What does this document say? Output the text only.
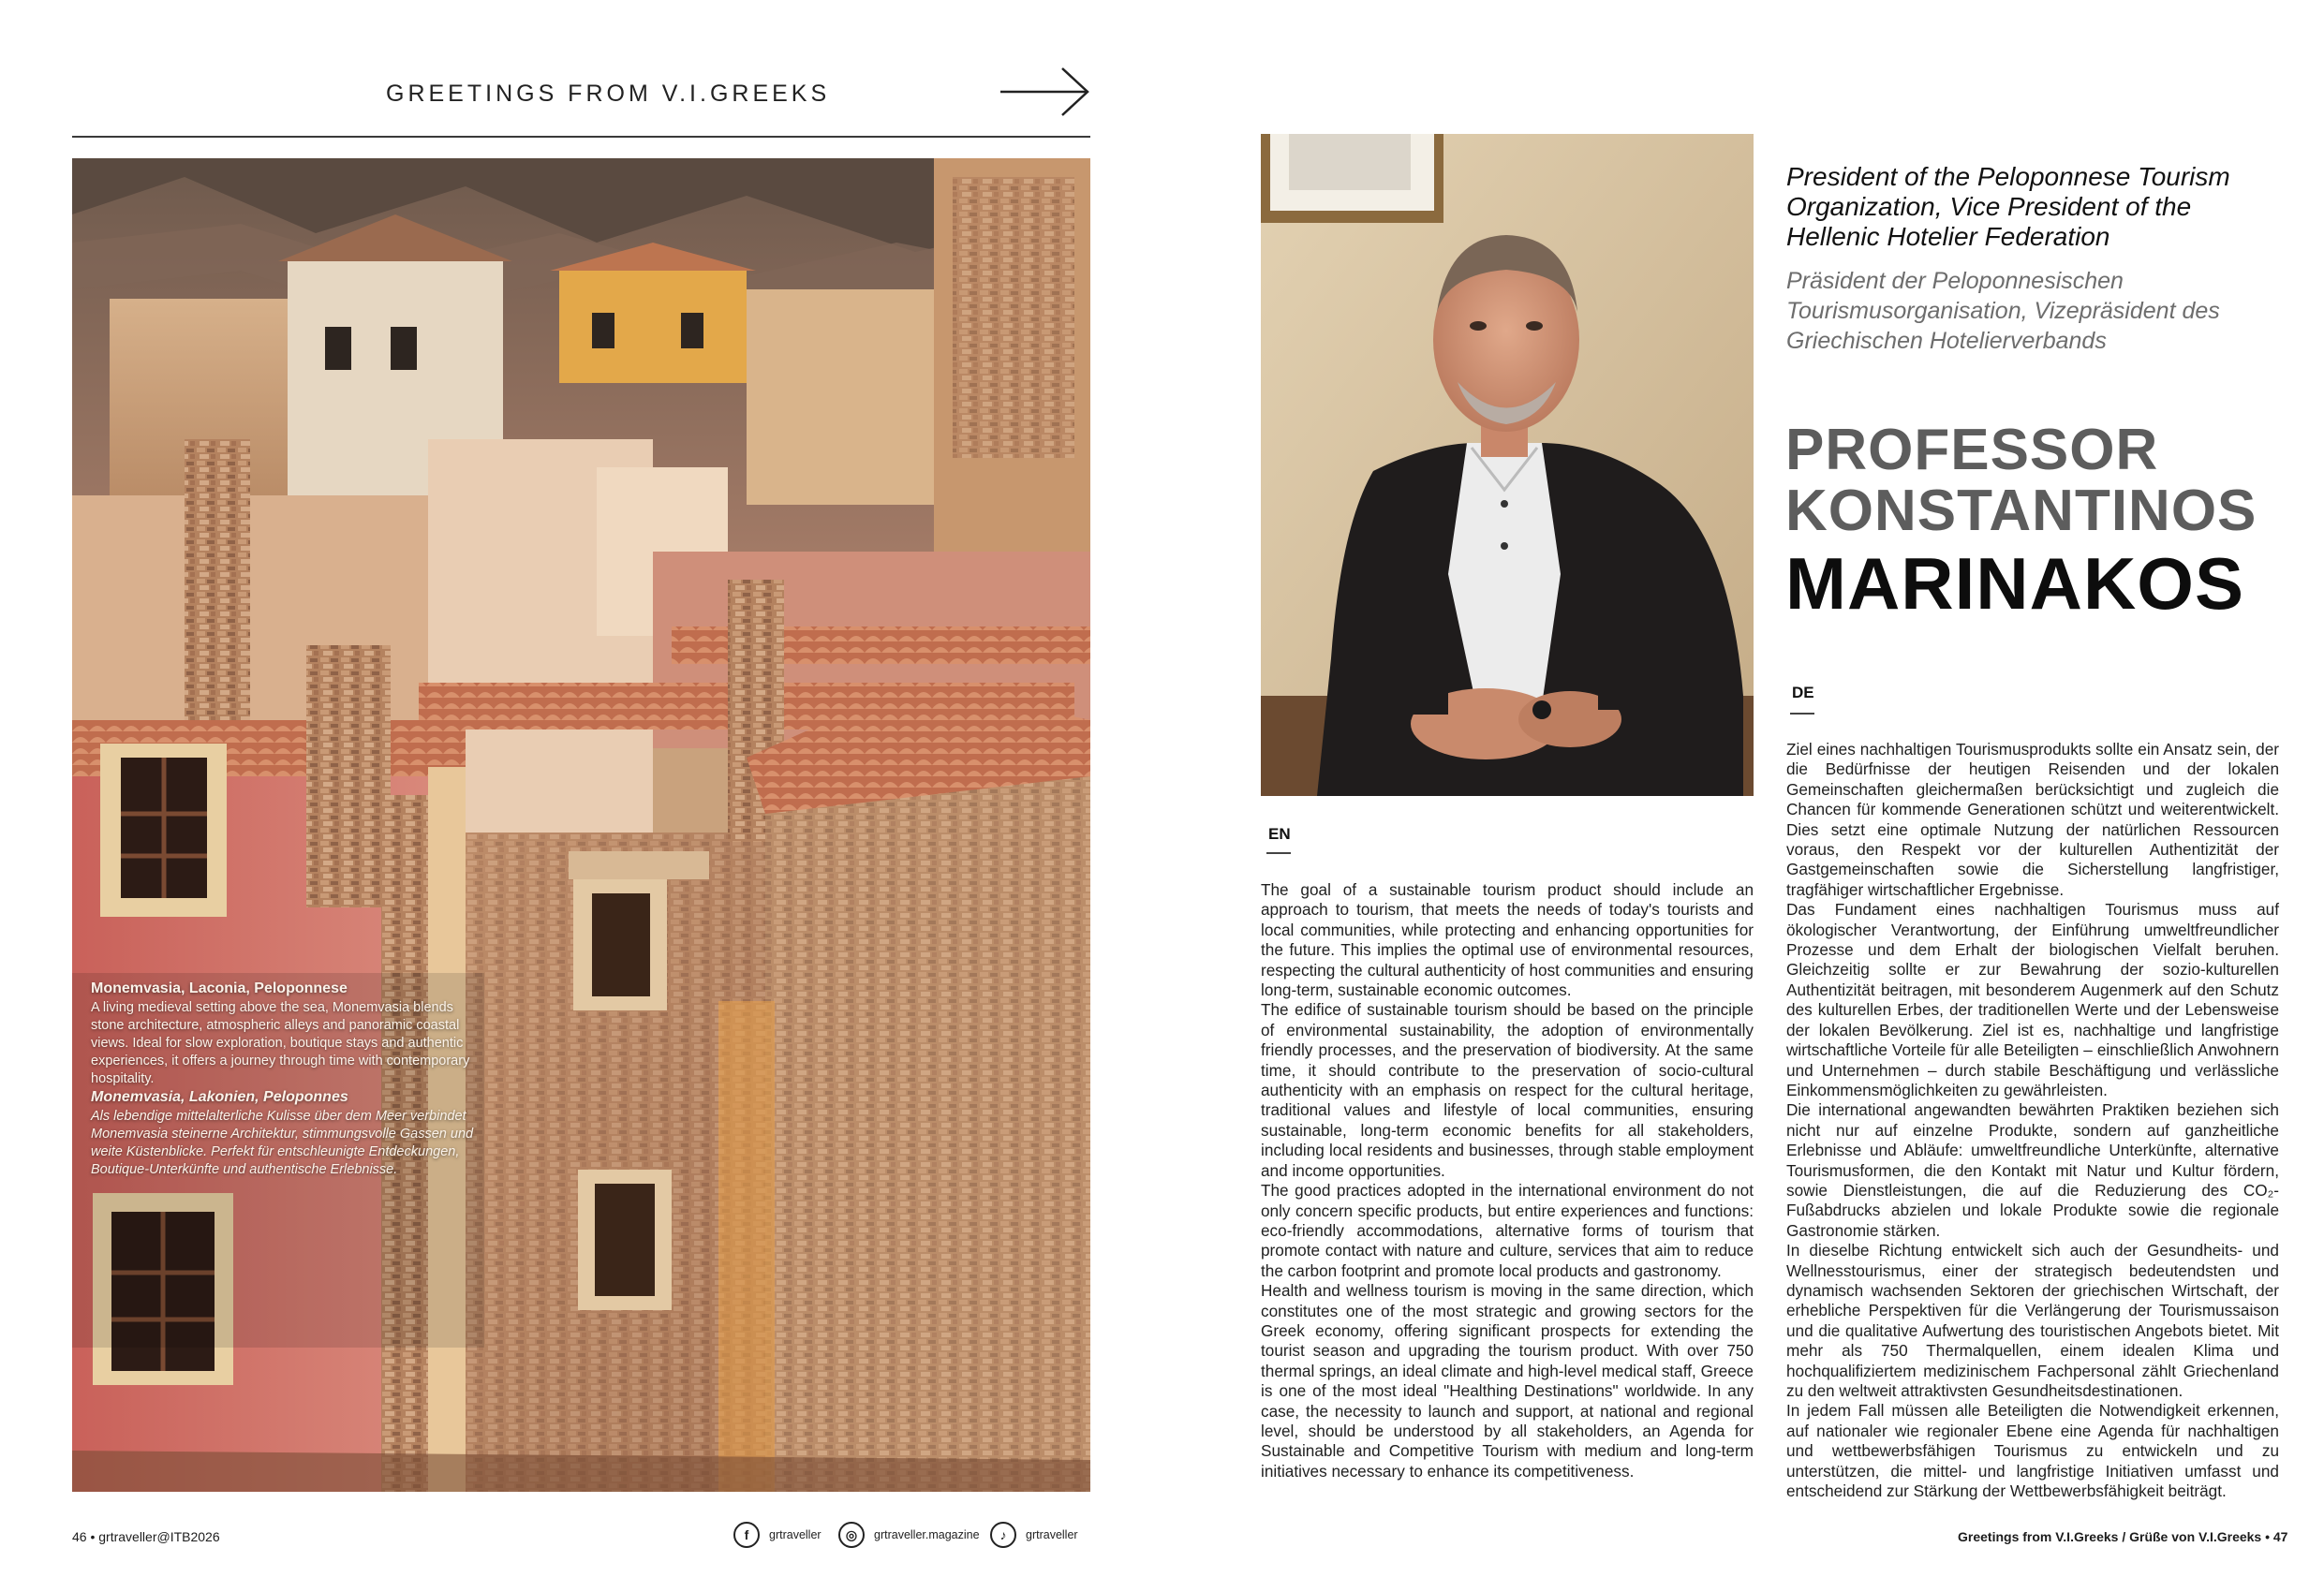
GREETINGS FROM V.I.GREEKS
Monemvasia, Laconia, Peloponnese
A living medieval setting above the sea, Monemvasia blends stone architecture, atmospheric alleys and panoramic coastal views. Ideal for slow exploration, boutique stays and authentic experiences, it offers a journey through time with contemporary hospitality.
Monemvasia, Lakonien, Peloponnes
Als lebendige mittelalterliche Kulisse über dem Meer verbindet Monemvasia steinerne Architektur, stimmungsvolle Gassen und weite Küstenblicke. Perfekt für entschleunigte Entdeckungen, Boutique-Unterkünfte und authentische Erlebnisse.
46 • grtraveller@ITB2026	f	grtraveller	◎	grtraveller.magazine	♪	grtraveller
President of the Peloponnese Tourism Organization, Vice President of the Hellenic Hotelier Federation
Präsident der Peloponnesischen Tourismusorganisation, Vizepräsident des Griechischen Hotelierverbands
PROFESSOR
KONSTANTINOS
MARINAKOS
EN
DE

The goal of a sustainable tourism product should include an approach to tourism, that meets the needs of today's tourists and local communities, while protecting and enhancing opportunities for the future. This implies the optimal use of environmental resources, respecting the cultural authenticity of host communities and ensuring long-term, sustainable economic outcomes.

The edifice of sustainable tourism should be based on the principle of environmental sustainability, the adoption of environmentally friendly processes, and the preservation of biodiversity. At the same time, it should contribute to the preservation of socio-cultural authenticity with an emphasis on respect for the cultural heritage, traditional values and lifestyle of local communities, ensuring sustainable, long-term economic benefits for all stakeholders, including local residents and businesses, through stable employment and income opportunities.

The good practices adopted in the international environment do not only concern specific products, but entire experiences and functions: eco-friendly accommodations, alternative forms of tourism that promote contact with nature and culture, services that aim to reduce the carbon footprint and promote local products and gastronomy.

Health and wellness tourism is moving in the same direction, which constitutes one of the most strategic and growing sectors for the Greek economy, offering significant prospects for extending the tourist season and upgrading the tourism product. With over 750 thermal springs, an ideal climate and high-level medical staff, Greece is one of the most ideal "Healthing Destinations" worldwide. In any case, the necessity to launch and support, at national and regional level, should be understood by all stakeholders, an Agenda for Sustainable and Competitive Tourism with medium and long-term initiatives necessary to enhance its competitiveness.

Ziel eines nachhaltigen Tourismusprodukts sollte ein Ansatz sein, der die Bedürfnisse der heutigen Reisenden und der lokalen Gemeinschaften gleichermaßen berücksichtigt und zugleich die Chancen für kommende Generationen schützt und weiterentwickelt. Dies setzt eine optimale Nutzung der natürlichen Ressourcen voraus, den Respekt vor der kulturellen Authentizität der Gastgemeinschaften sowie die Sicherstellung langfristiger, tragfähiger wirtschaftlicher Ergebnisse.

Das Fundament eines nachhaltigen Tourismus muss auf ökologischer Verantwortung, der Einführung umweltfreundlicher Prozesse und dem Erhalt der biologischen Vielfalt beruhen. Gleichzeitig sollte er zur Bewahrung der sozio-kulturellen Authentizität beitragen, mit besonderem Augenmerk auf den Schutz des kulturellen Erbes, der traditionellen Werte und der Lebensweise der lokalen Bevölkerung. Ziel ist es, nachhaltige und langfristige wirtschaftliche Vorteile für alle Beteiligten – einschließlich Anwohnern und Unternehmen – durch stabile Beschäftigung und verlässliche Einkommensmöglichkeiten zu gewährleisten.

Die international angewandten bewährten Praktiken beziehen sich nicht nur auf einzelne Produkte, sondern auf ganzheitliche Erlebnisse und Abläufe: umweltfreundliche Unterkünfte, alternative Tourismusformen, die den Kontakt mit Natur und Kultur fördern, sowie Dienstleistungen, die auf die Reduzierung des CO₂-Fußabdrucks abzielen und lokale Produkte sowie die regionale Gastronomie stärken.

In dieselbe Richtung entwickelt sich auch der Gesundheits- und Wellnesstourismus, einer der strategisch bedeutendsten und dynamisch wachsenden Sektoren der griechischen Wirtschaft, der erhebliche Perspektiven für die Verlängerung der Tourismussaison und die qualitative Aufwertung des touristischen Angebots bietet. Mit mehr als 750 Thermalquellen, einem idealen Klima und hochqualifiziertem medizinischem Fachpersonal zählt Griechenland zu den weltweit attraktivsten Gesundheitsdestinationen.

In jedem Fall müssen alle Beteiligten die Notwendigkeit erkennen, auf nationaler wie regionaler Ebene eine Agenda für nachhaltigen und wettbewerbsfähigen Tourismus zu entwickeln und zu unterstützen, die mittel- und langfristige Initiativen umfasst und entscheidend zur Stärkung der Wettbewerbsfähigkeit beiträgt.

Greetings from V.I.Greeks / Grüße von V.I.Greeks • 47
